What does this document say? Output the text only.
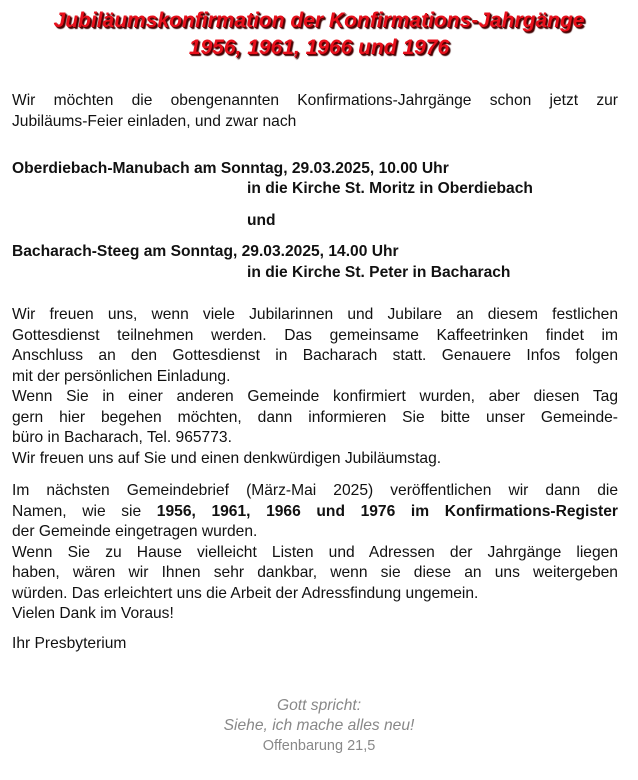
Jubiläumskonfirmation der Konfirmations-Jahrgänge
1956, 1961, 1966 und 1976
Wir möchten die obengenannten Konfirmations-Jahrgänge schon jetzt zur
Jubiläums-Feier einladen, und zwar nach
Oberdiebach-Manubach am Sonntag, 29.03.2025, 10.00 Uhr
in die Kirche St. Moritz in Oberdiebach
und
Bacharach-Steeg am Sonntag, 29.03.2025, 14.00 Uhr
in die Kirche St. Peter in Bacharach
Wir freuen uns, wenn viele Jubilarinnen und Jubilare an diesem festlichen
Gottesdienst teilnehmen werden. Das gemeinsame Kaffeetrinken findet im
Anschluss an den Gottesdienst in Bacharach statt. Genauere Infos folgen
mit der persönlichen Einladung.
Wenn Sie in einer anderen Gemeinde konfirmiert wurden, aber diesen Tag
gern hier begehen möchten, dann informieren Sie bitte unser Gemeinde-
büro in Bacharach, Tel. 965773.
Wir freuen uns auf Sie und einen denkwürdigen Jubiläumstag.
Im nächsten Gemeindebrief (März-Mai 2025) veröffentlichen wir dann die
Namen, wie sie 1956, 1961, 1966 und 1976 im Konfirmations-Register
der Gemeinde eingetragen wurden.
Wenn Sie zu Hause vielleicht Listen und Adressen der Jahrgänge liegen
haben, wären wir Ihnen sehr dankbar, wenn sie diese an uns weitergeben
würden. Das erleichtert uns die Arbeit der Adressfindung ungemein.
Vielen Dank im Voraus!
Ihr Presbyterium
Gott spricht:
Siehe, ich mache alles neu!
Offenbarung 21,5
